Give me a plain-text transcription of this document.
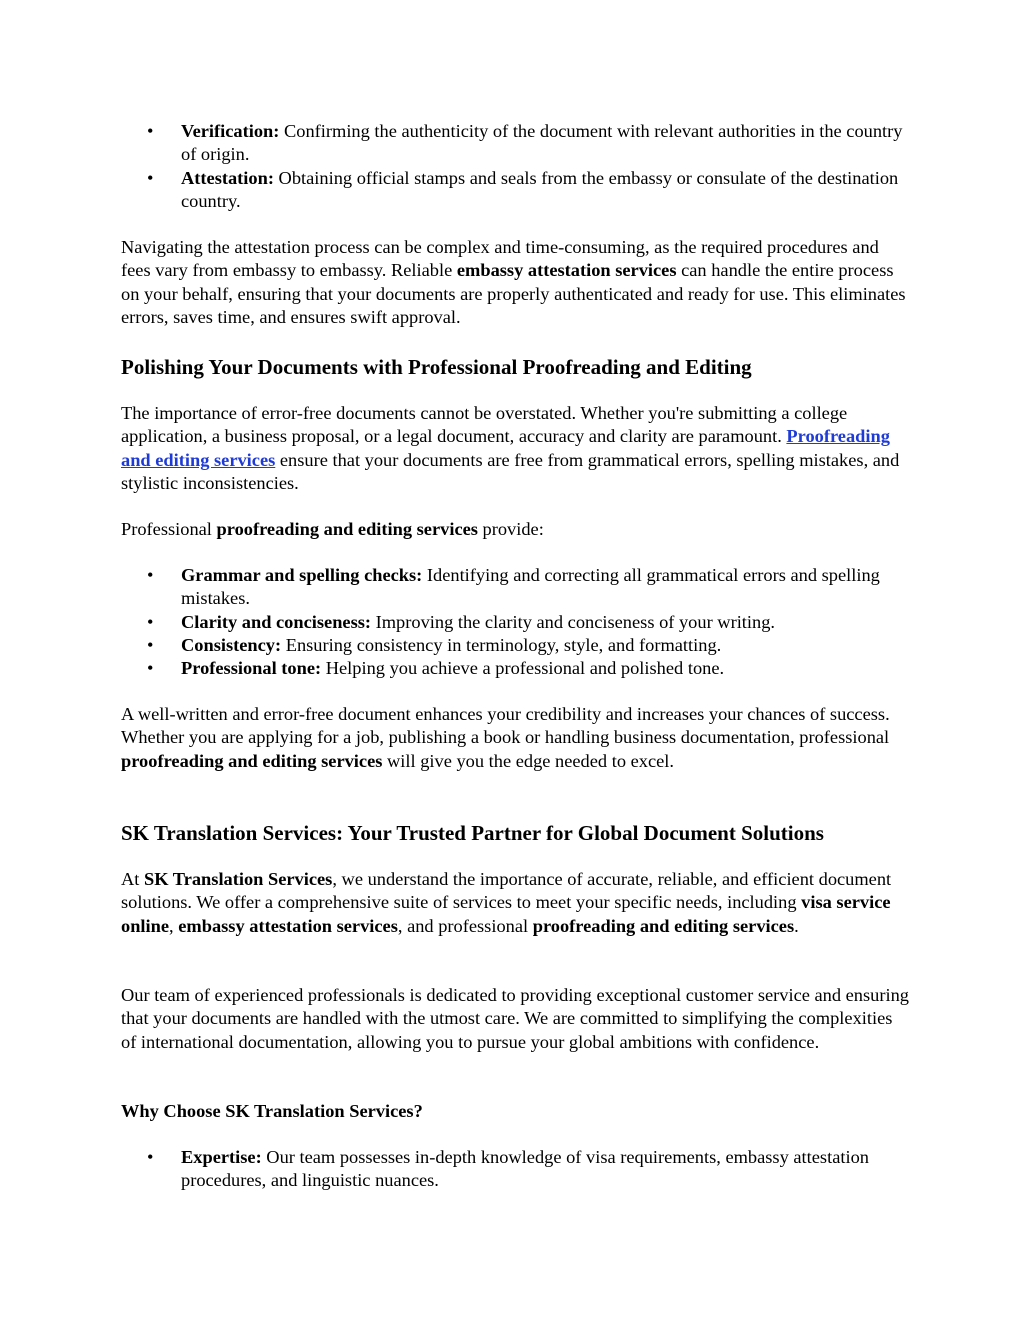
• Verification: Confirming the authenticity of the document with relevant authorities in the country of origin.
• Attestation: Obtaining official stamps and seals from the embassy or consulate of the destination country.

Navigating the attestation process can be complex and time-consuming, as the required procedures and fees vary from embassy to embassy. Reliable embassy attestation services can handle the entire process on your behalf, ensuring that your documents are properly authenticated and ready for use. This eliminates errors, saves time, and ensures swift approval.

Polishing Your Documents with Professional Proofreading and Editing

The importance of error-free documents cannot be overstated. Whether you're submitting a college application, a business proposal, or a legal document, accuracy and clarity are paramount. Proofreading and editing services ensure that your documents are free from grammatical errors, spelling mistakes, and stylistic inconsistencies.

Professional proofreading and editing services provide:

• Grammar and spelling checks: Identifying and correcting all grammatical errors and spelling mistakes.
• Clarity and conciseness: Improving the clarity and conciseness of your writing.
• Consistency: Ensuring consistency in terminology, style, and formatting.
• Professional tone: Helping you achieve a professional and polished tone.

A well-written and error-free document enhances your credibility and increases your chances of success. Whether you are applying for a job, publishing a book or handling business documentation, professional proofreading and editing services will give you the edge needed to excel.

SK Translation Services: Your Trusted Partner for Global Document Solutions

At SK Translation Services, we understand the importance of accurate, reliable, and efficient document solutions. We offer a comprehensive suite of services to meet your specific needs, including visa service online, embassy attestation services, and professional proofreading and editing services.

Our team of experienced professionals is dedicated to providing exceptional customer service and ensuring that your documents are handled with the utmost care. We are committed to simplifying the complexities of international documentation, allowing you to pursue your global ambitions with confidence.

Why Choose SK Translation Services?

• Expertise: Our team possesses in-depth knowledge of visa requirements, embassy attestation procedures, and linguistic nuances.
